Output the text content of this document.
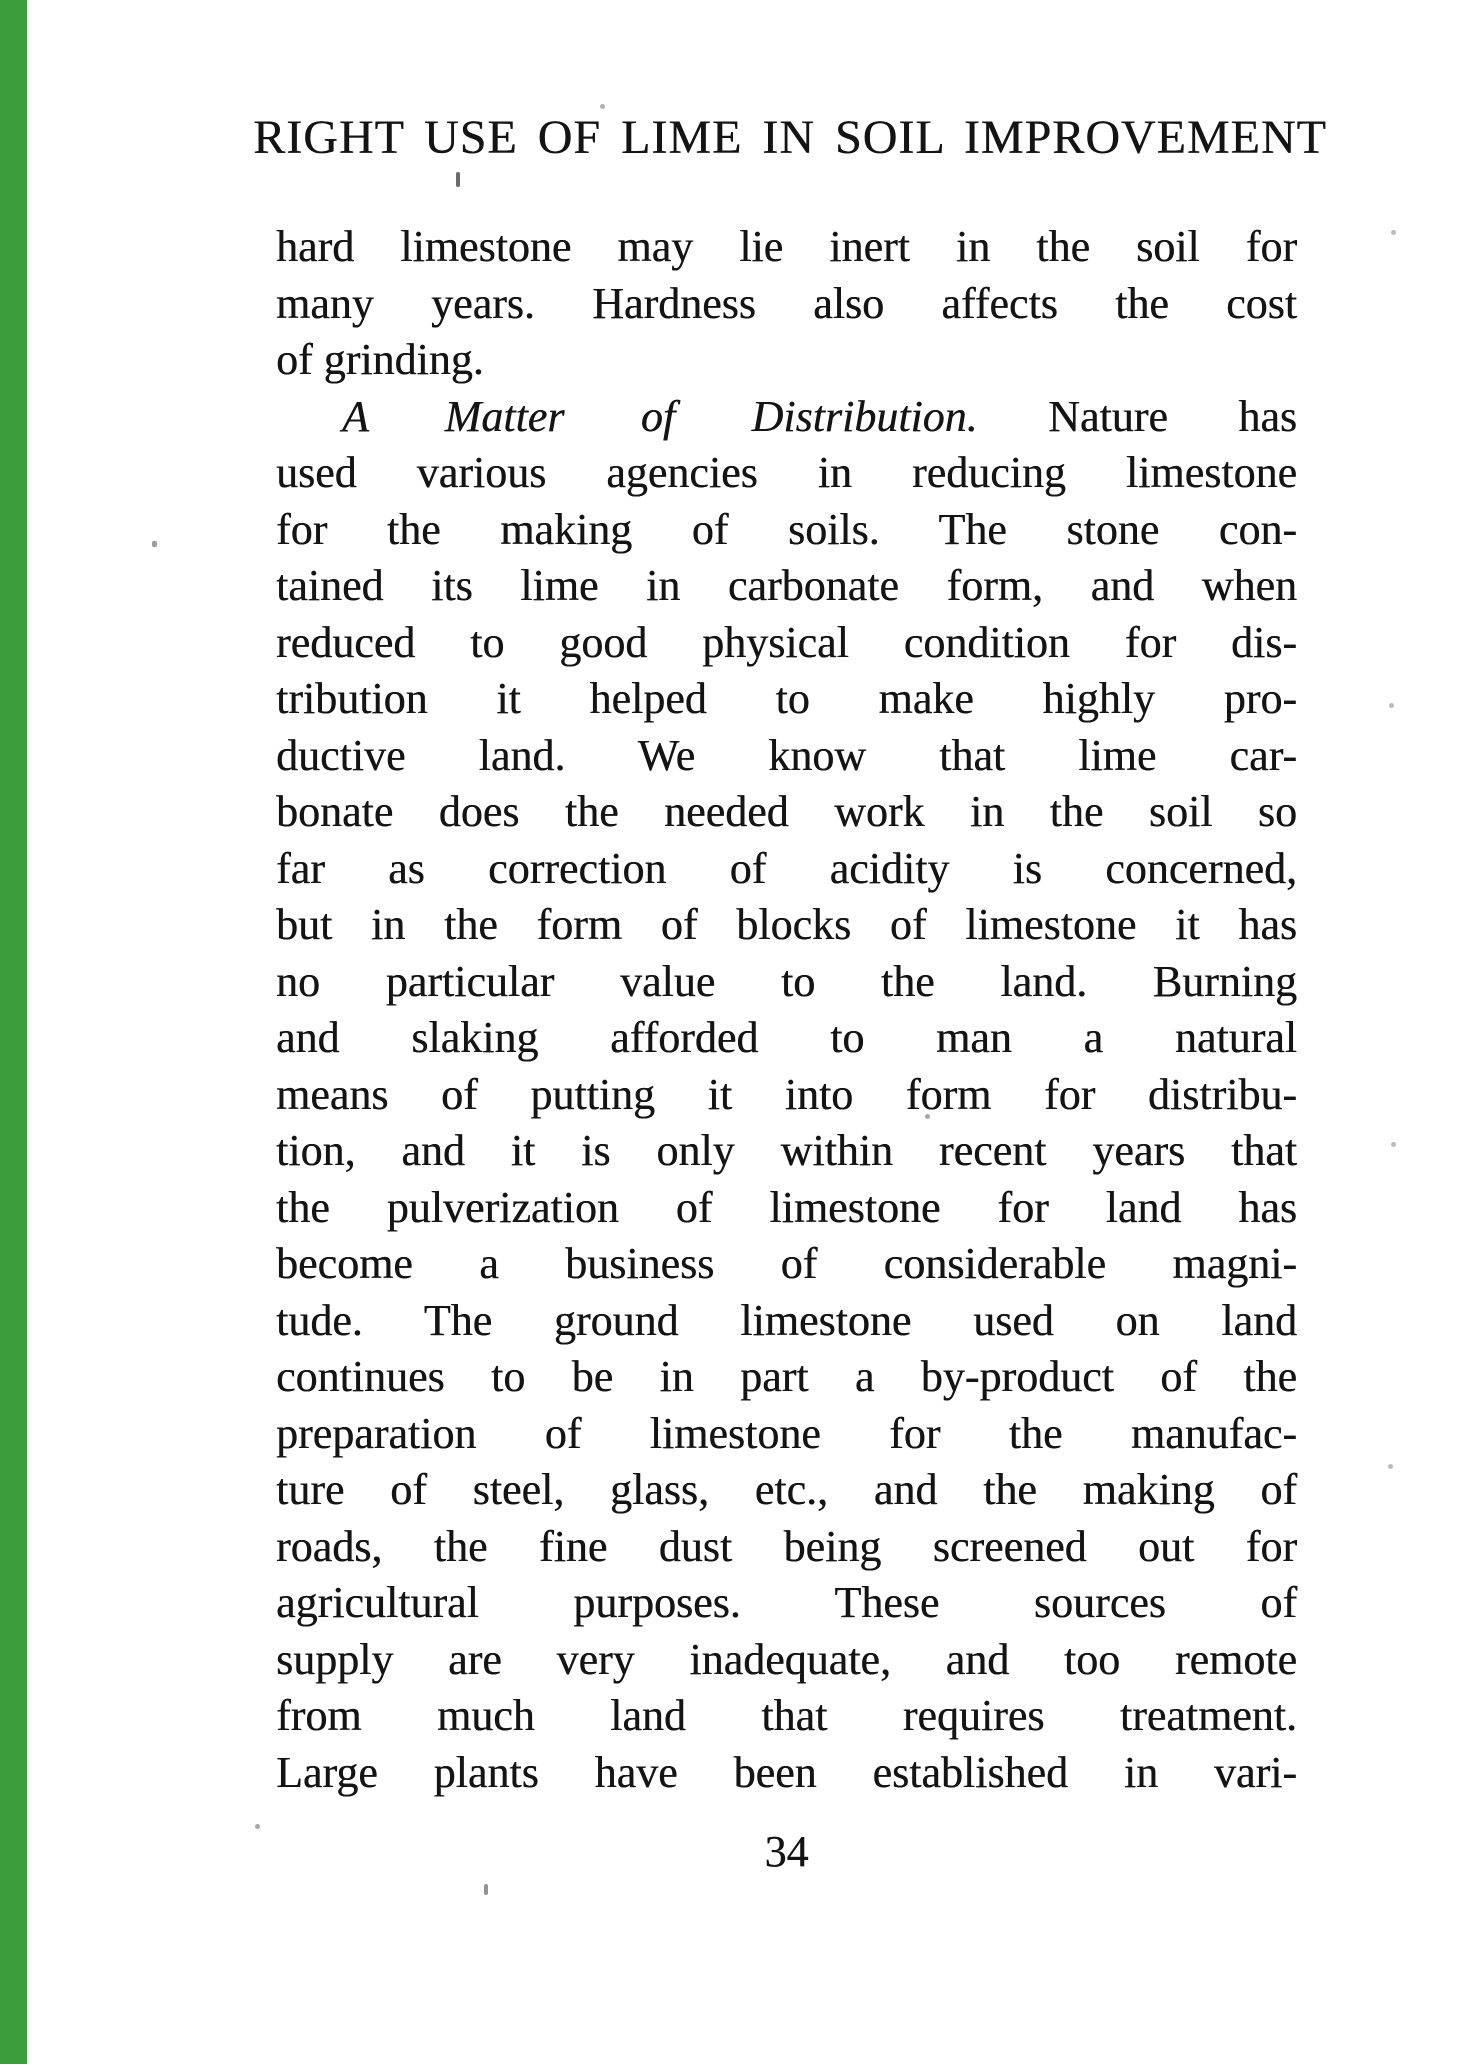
RIGHT USE OF LIME IN SOIL IMPROVEMENT
hard limestone may lie inert in the soil for
many years. Hardness also affects the cost
of grinding.
A Matter of Distribution. Nature has
used various agencies in reducing limestone
for the making of soils. The stone con-
tained its lime in carbonate form, and when
reduced to good physical condition for dis-
tribution it helped to make highly pro-
ductive land. We know that lime car-
bonate does the needed work in the soil so
far as correction of acidity is concerned,
but in the form of blocks of limestone it has
no particular value to the land. Burning
and slaking afforded to man a natural
means of putting it into form for distribu-
tion, and it is only within recent years that
the pulverization of limestone for land has
become a business of considerable magni-
tude. The ground limestone used on land
continues to be in part a by-product of the
preparation of limestone for the manufac-
ture of steel, glass, etc., and the making of
roads, the fine dust being screened out for
agricultural purposes. These sources of
supply are very inadequate, and too remote
from much land that requires treatment.
Large plants have been established in vari-
34
